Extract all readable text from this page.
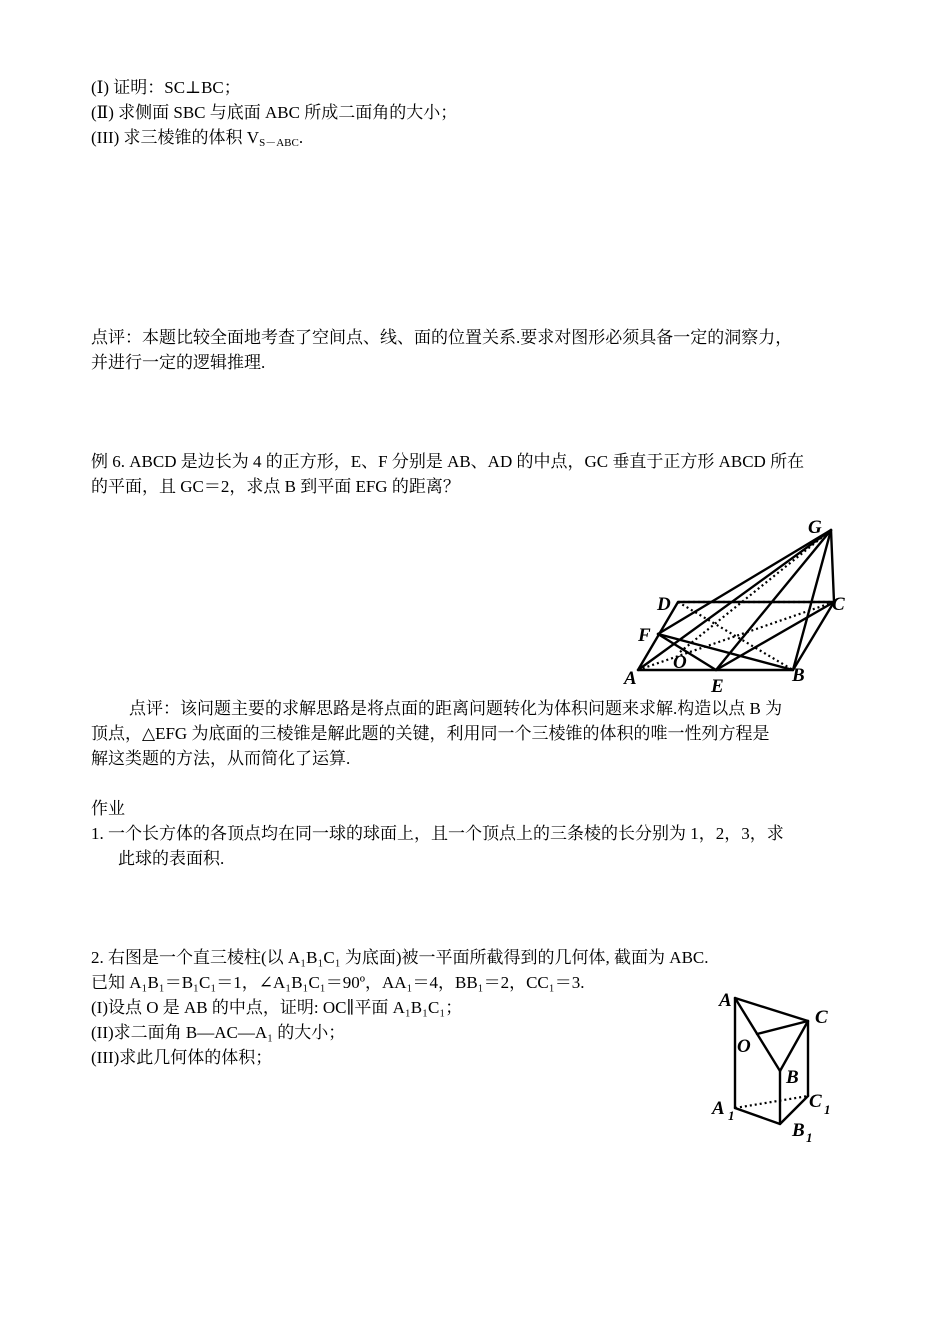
(Ⅰ) 证明：SC⊥BC；
(Ⅱ) 求侧面 SBC 与底面 ABC 所成二面角的大小；
(III) 求三棱锥的体积 $V_{S-ABC}$.
点评：本题比较全面地考查了空间点、线、面的位置关系.要求对图形必须具备一定的洞察力，
并进行一定的逻辑推理.
例 6. ABCD 是边长为 4 的正方形，E、F 分别是 AB、AD 的中点，GC 垂直于正方形 ABCD 所在
的平面，且 GC＝2，求点 B 到平面 EFG 的距离？
G
D	C
F
O
A	B
E
点评：该问题主要的求解思路是将点面的距离问题转化为体积问题来求解.构造以点 B 为
顶点，△EFG 为底面的三棱锥是解此题的关键，利用同一个三棱锥的体积的唯一性列方程是
解这类题的方法，从而简化了运算.
作业
1. 一个长方体的各顶点均在同一球的球面上，且一个顶点上的三条棱的长分别为 1，2，3，求
此球的表面积.
2. 右图是一个直三棱柱(以 A₁B₁C₁ 为底面)被一平面所截得到的几何体, 截面为 ABC.
已知 A₁B₁＝B₁C₁＝1，∠A₁B₁C₁＝90º，AA₁＝4，BB₁＝2，CC₁＝3.
(I)设点 O 是 AB 的中点，证明: OC∥平面 A₁B₁C₁；
(II)求二面角 B—AC—A₁ 的大小；
(III)求此几何体的体积；
A
C
O
B
A 1
C 1
B 1
